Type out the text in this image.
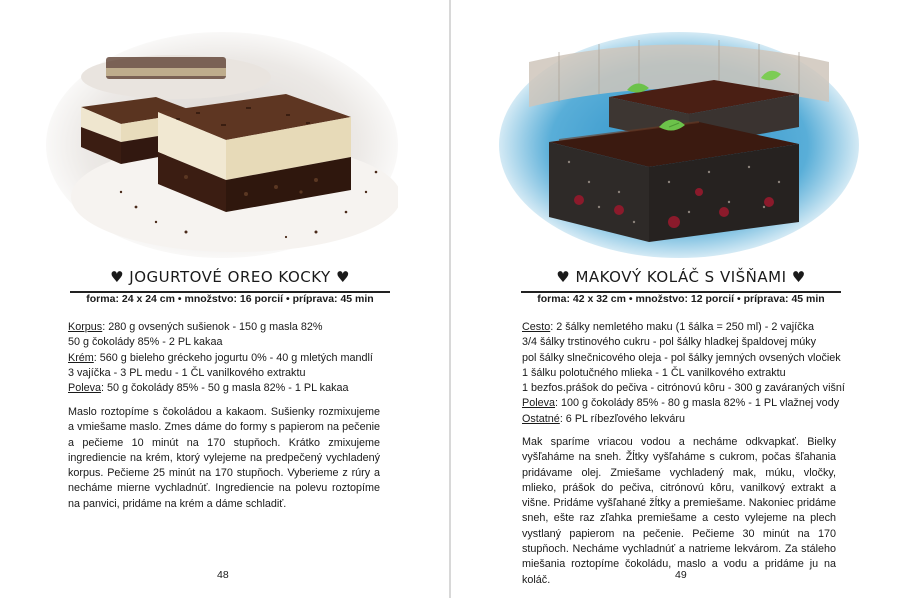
♥ JOGURTOVÉ OREO KOCKY ♥
forma: 24 x 24 cm • množstvo: 16 porcií • príprava: 45 min
Korpus: 280 g ovsených sušienok - 150 g masla 82%
50 g čokolády 85% - 2 PL kakaa
Krém: 560 g bieleho gréckeho jogurtu 0% - 40 g mletých mandlí
3 vajíčka - 3 PL medu - 1 ČL vanilkového extraktu
Poleva: 50 g čokolády 85% - 50 g masla 82% - 1 PL kakaa
Maslo roztopíme s čokoládou a kakaom. Sušienky rozmixujeme a vmiešame maslo. Zmes dáme do formy s papierom na pečenie a pečieme 10 minút na 170 stupňoch. Krátko zmixujeme ingrediencie na krém, ktorý vylejeme na predpečený vychladený korpus. Pečieme 25 minút na 170 stupňoch. Vyberieme z rúry a necháme mierne vychladnúť. Ingrediencie na polevu roztopíme na panvici, pridáme na krém a dáme schladiť.
48
♥ MAKOVÝ KOLÁČ S VIŠŇAMI ♥
forma: 42 x 32 cm • množstvo: 12 porcií • príprava: 45 min
Cesto: 2 šálky nemletého maku (1 šálka = 250 ml) - 2 vajíčka
3/4 šálky trstinového cukru - pol šálky hladkej špaldovej múky
pol šálky slnečnicového oleja - pol šálky jemných ovsených vločiek
1 šálku polotučného mlieka - 1 ČL vanilkového extraktu
1 bezfos.prášok do pečiva - citrónovú kôru - 300 g zaváraných višní
Poleva: 100 g čokolády 85% - 80 g masla 82% - 1 PL vlažnej vody
Ostatné: 6 PL ríbezľového lekváru
Mak sparíme vriacou vodou a necháme odkvapkať. Bielky vyšľaháme na sneh. Žĺtky vyšľaháme s cukrom, počas šľahania pridávame olej. Zmiešame vychladený mak, múku, vločky, mlieko, prášok do pečiva, citrónovú kôru, vanilkový extrakt a višne. Pridáme vyšľahané žĺtky a premiešame. Nakoniec pridáme sneh, ešte raz zľahka premiešame a cesto vylejeme na plech vystlaný papierom na pečenie. Pečieme 30 minút na 170 stupňoch. Necháme vychladnúť a natrieme lekvárom. Za stáleho miešania roztopíme čokoládu, maslo a vodu a pridáme ju na koláč.	49
